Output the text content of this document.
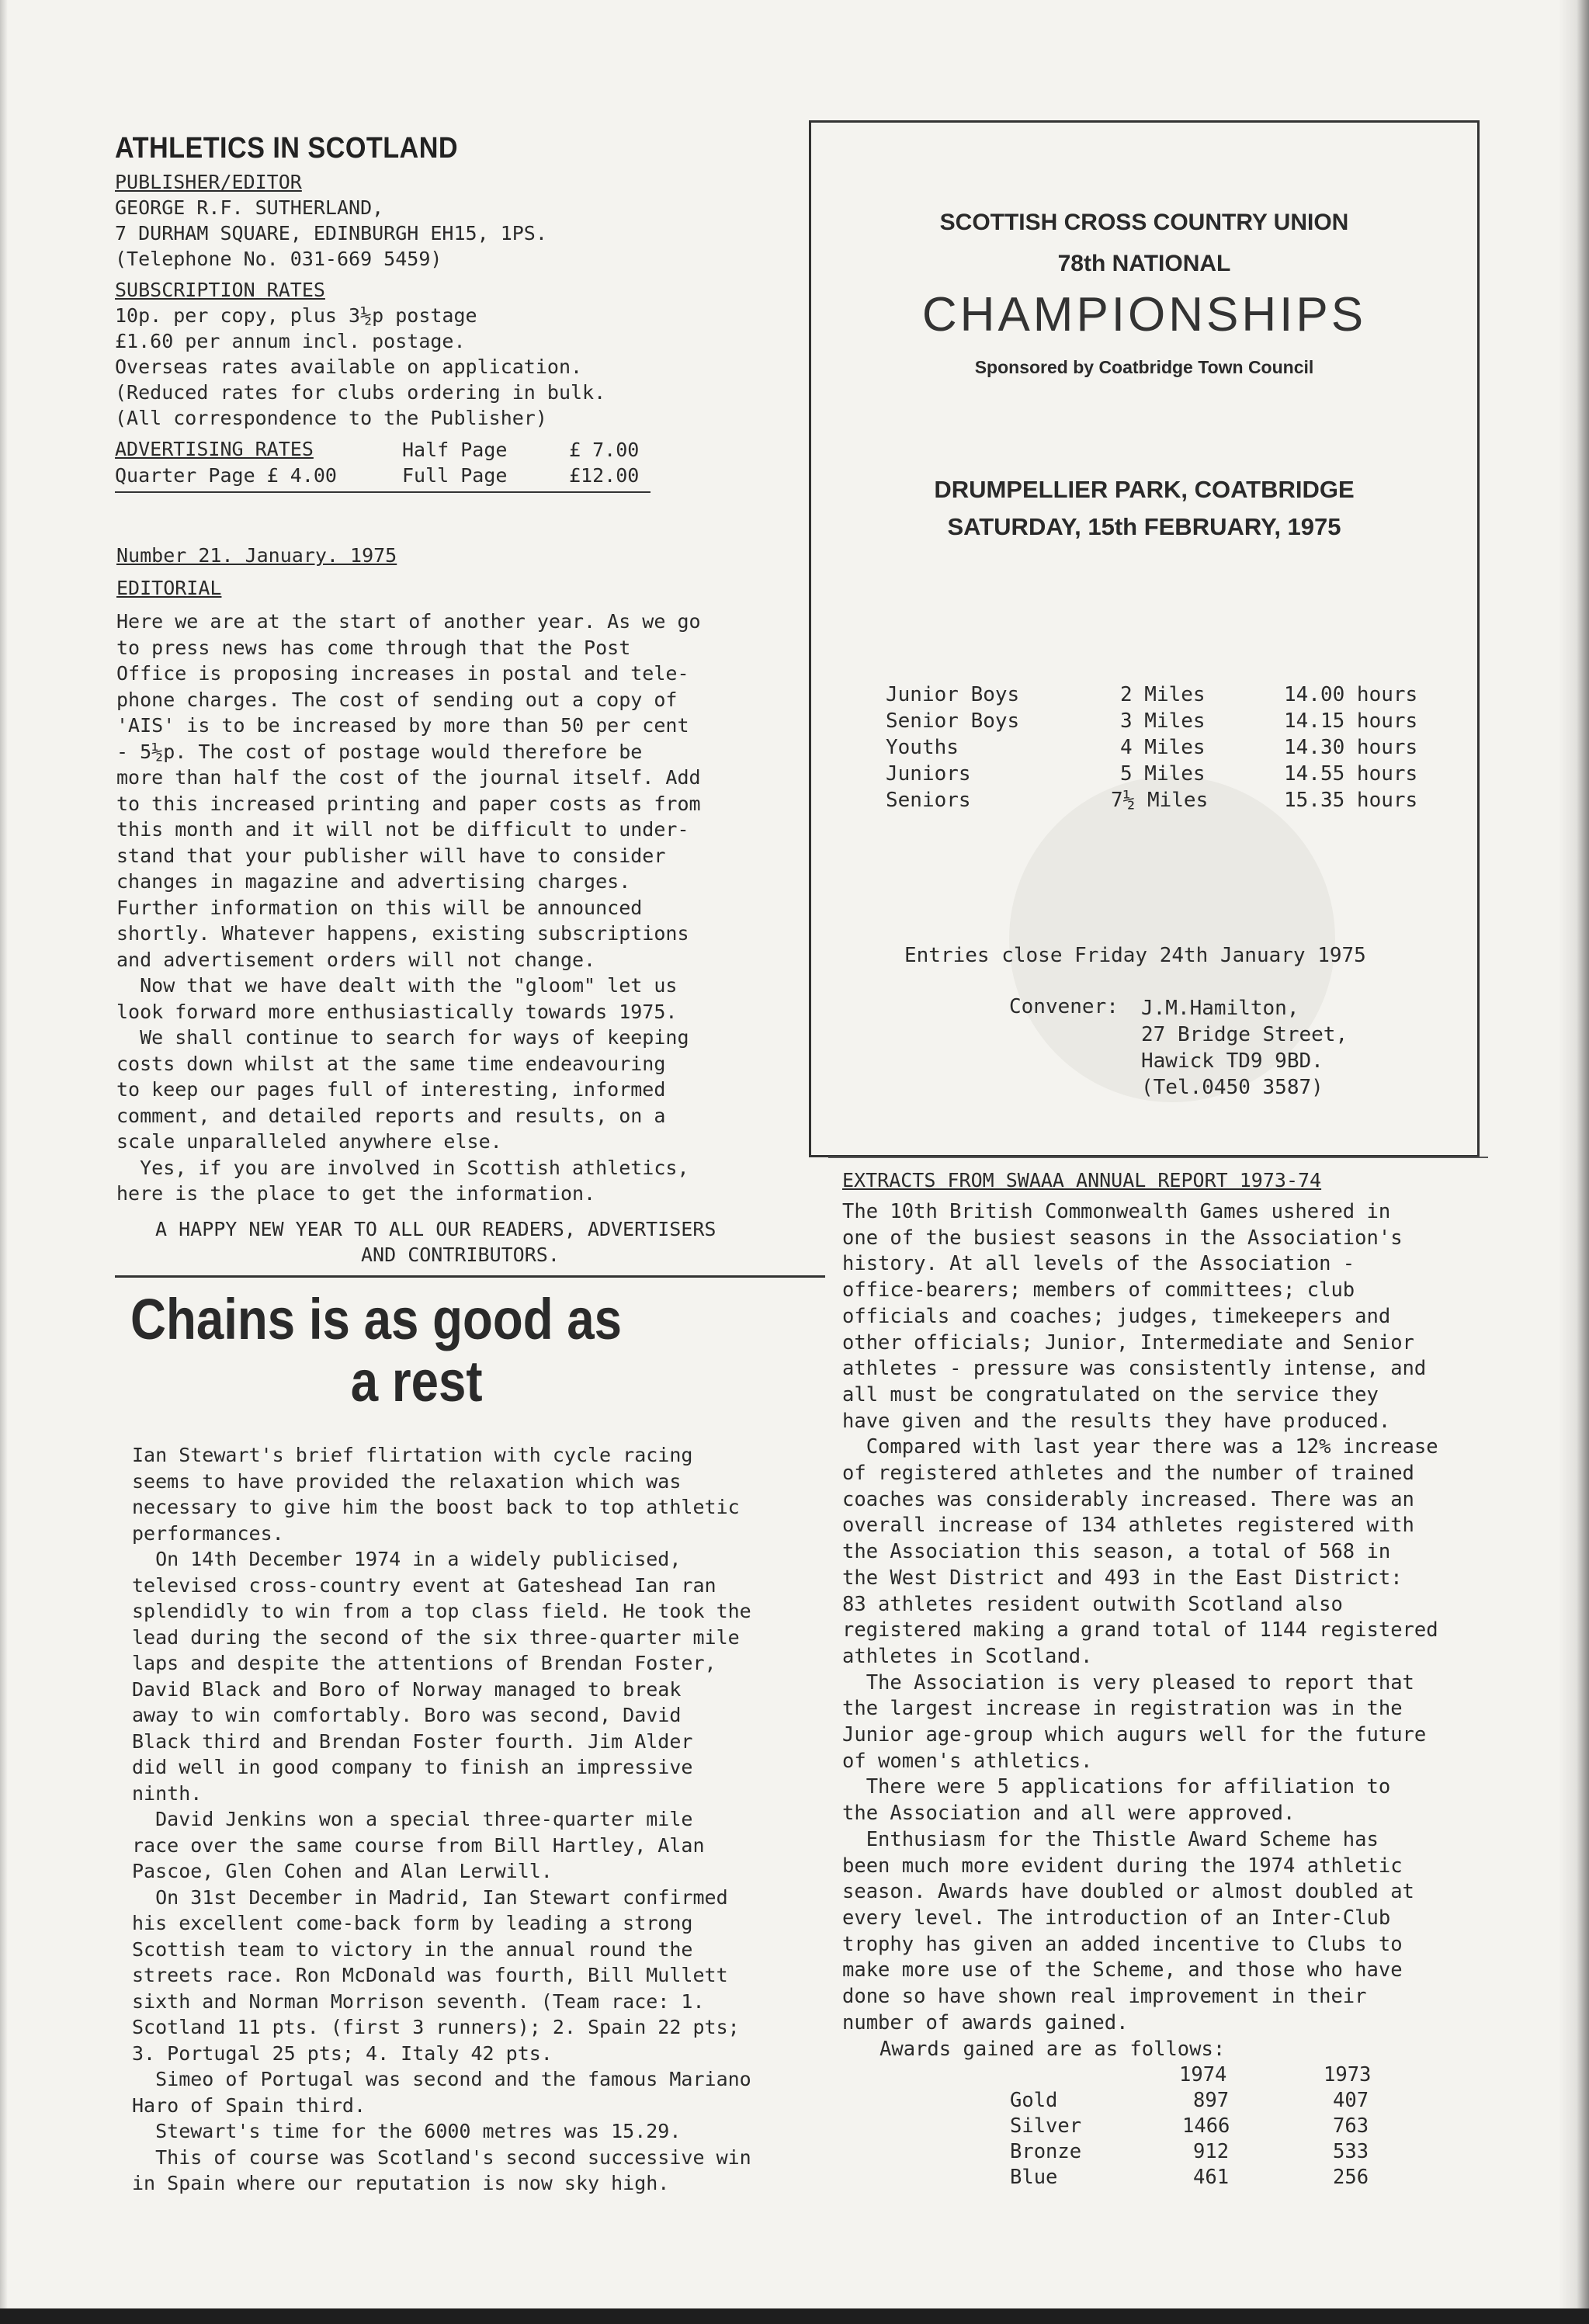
ATHLETICS IN SCOTLAND
PUBLISHER/EDITOR
GEORGE R.F. SUTHERLAND,
7 DURHAM SQUARE, EDINBURGH EH15, 1PS.
(Telephone No. 031-669 5459)
SUBSCRIPTION RATES
10p. per copy, plus 3½p postage
£1.60 per annum incl. postage.
Overseas rates available on application.
(Reduced rates for clubs ordering in bulk.
(All correspondence to the Publisher)
ADVERTISING RATES	Half Page	£ 7.00
Quarter Page £ 4.00	Full Page	£12.00
Number 21. January. 1975
EDITORIAL
Here we are at the start of another year. As we go
to press news has come through that the Post
Office is proposing increases in postal and tele-
phone charges. The cost of sending out a copy of
'AIS' is to be increased by more than 50 per cent
- 5½p. The cost of postage would therefore be
more than half the cost of the journal itself. Add
to this increased printing and paper costs as from
this month and it will not be difficult to under-
stand that your publisher will have to consider
changes in magazine and advertising charges.
Further information on this will be announced
shortly. Whatever happens, existing subscriptions
and advertisement orders will not change.
Now that we have dealt with the "gloom" let us
look forward more enthusiastically towards 1975.
We shall continue to search for ways of keeping
costs down whilst at the same time endeavouring
to keep our pages full of interesting, informed
comment, and detailed reports and results, on a
scale unparalleled anywhere else.
Yes, if you are involved in Scottish athletics,
here is the place to get the information.
A HAPPY NEW YEAR TO ALL OUR READERS, ADVERTISERS
AND CONTRIBUTORS.
Chains is as good as
a rest
Ian Stewart's brief flirtation with cycle racing
seems to have provided the relaxation which was
necessary to give him the boost back to top athletic
performances.
On 14th December 1974 in a widely publicised,
televised cross-country event at Gateshead Ian ran
splendidly to win from a top class field. He took the
lead during the second of the six three-quarter mile
laps and despite the attentions of Brendan Foster,
David Black and Boro of Norway managed to break
away to win comfortably. Boro was second, David
Black third and Brendan Foster fourth. Jim Alder
did well in good company to finish an impressive
ninth.
David Jenkins won a special three-quarter mile
race over the same course from Bill Hartley, Alan
Pascoe, Glen Cohen and Alan Lerwill.
On 31st December in Madrid, Ian Stewart confirmed
his excellent come-back form by leading a strong
Scottish team to victory in the annual round the
streets race. Ron McDonald was fourth, Bill Mullett
sixth and Norman Morrison seventh. (Team race: 1.
Scotland 11 pts. (first 3 runners); 2. Spain 22 pts;
3. Portugal 25 pts; 4. Italy 42 pts.
Simeo of Portugal was second and the famous Mariano
Haro of Spain third.
Stewart's time for the 6000 metres was 15.29.
This of course was Scotland's second successive win
in Spain where our reputation is now sky high.
SCOTTISH CROSS COUNTRY UNION
78th NATIONAL
CHAMPIONSHIPS
Sponsored by Coatbridge Town Council
DRUMPELLIER PARK, COATBRIDGE
SATURDAY, 15th FEBRUARY, 1975
Junior Boys	2 Miles	14.00 hours
Senior Boys	3 Miles	14.15 hours
Youths	4 Miles	14.30 hours
Juniors	5 Miles	14.55 hours
Seniors	7½ Miles	15.35 hours
Entries close Friday 24th January 1975
Convener: J.M.Hamilton,
27 Bridge Street,
Hawick TD9 9BD.
(Tel.0450 3587)
EXTRACTS FROM SWAAA ANNUAL REPORT 1973-74
The 10th British Commonwealth Games ushered in
one of the busiest seasons in the Association's
history. At all levels of the Association -
office-bearers; members of committees; club
officials and coaches; judges, timekeepers and
other officials; Junior, Intermediate and Senior
athletes - pressure was consistently intense, and
all must be congratulated on the service they
have given and the results they have produced.
Compared with last year there was a 12% increase
of registered athletes and the number of trained
coaches was considerably increased. There was an
overall increase of 134 athletes registered with
the Association this season, a total of 568 in
the West District and 493 in the East District:
83 athletes resident outwith Scotland also
registered making a grand total of 1144 registered
athletes in Scotland.
The Association is very pleased to report that
the largest increase in registration was in the
Junior age-group which augurs well for the future
of women's athletics.
There were 5 applications for affiliation to
the Association and all were approved.
Enthusiasm for the Thistle Award Scheme has
been much more evident during the 1974 athletic
season. Awards have doubled or almost doubled at
every level. The introduction of an Inter-Club
trophy has given an added incentive to Clubs to
make more use of the Scheme, and those who have
done so have shown real improvement in their
number of awards gained.
Awards gained are as follows:
1974	1973
Gold	897	407
Silver	1466	763
Bronze	912	533
Blue	461	256
